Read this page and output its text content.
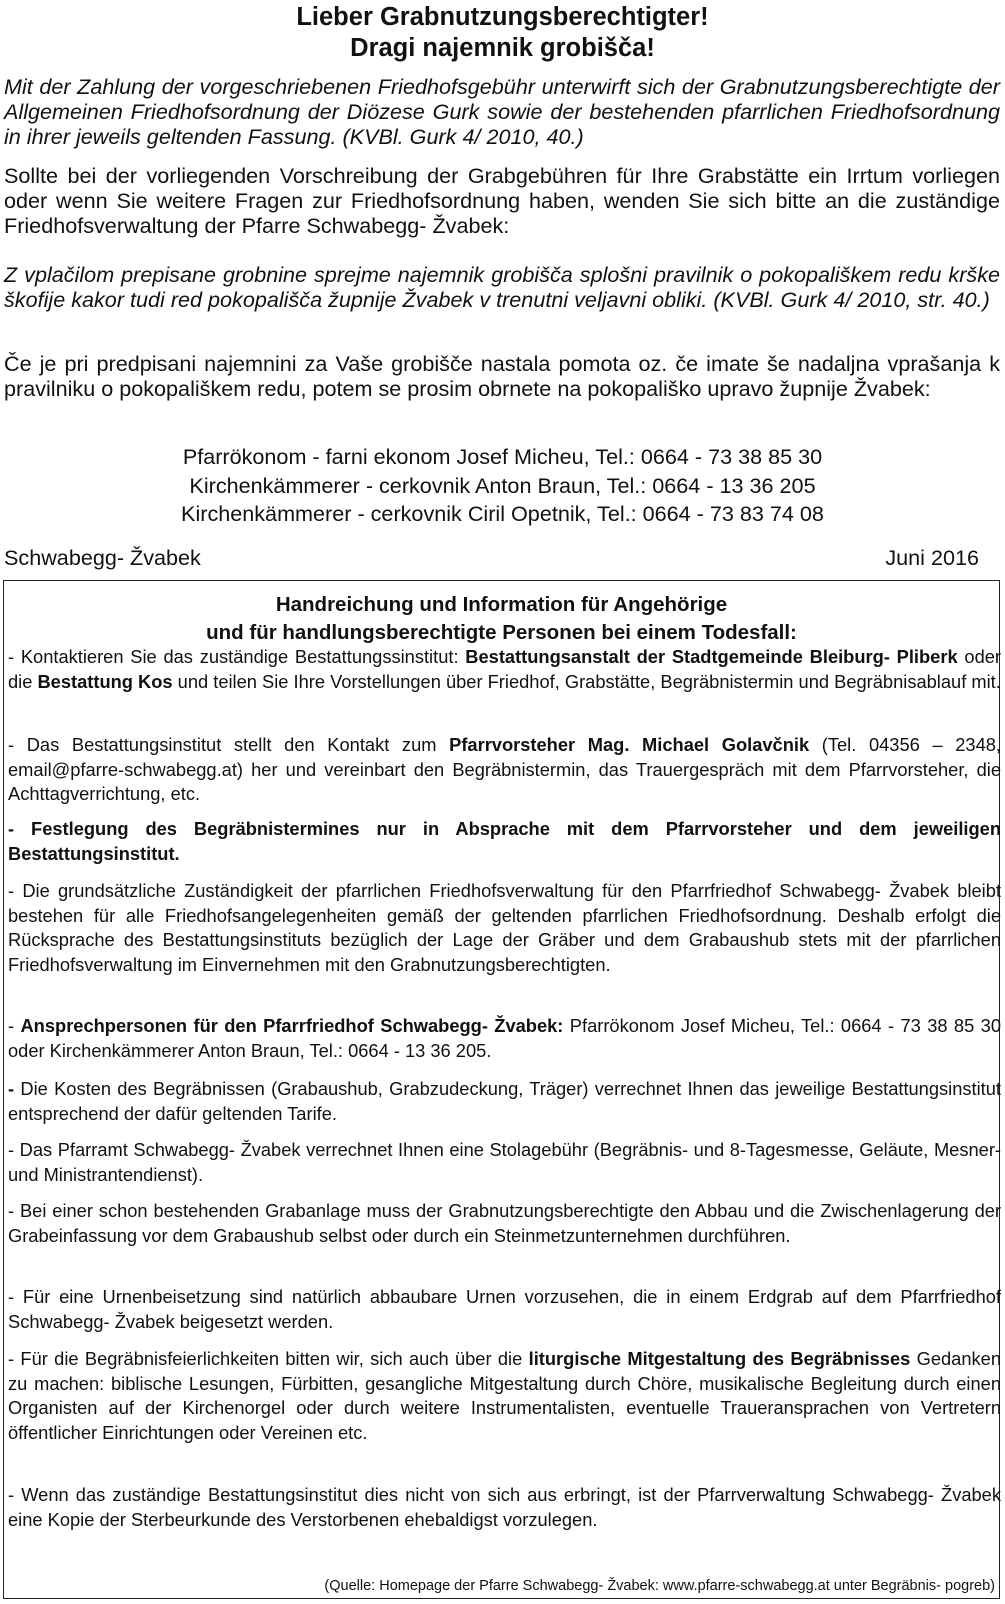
Lieber Grabnutzungsberechtigter!
Dragi najemnik grobišča!

Mit der Zahlung der vorgeschriebenen Friedhofsgebühr unterwirft sich der Grabnutzungsberechtigte der Allgemeinen Friedhofsordnung der Diözese Gurk sowie der bestehenden pfarrlichen Friedhofsordnung in ihrer jeweils geltenden Fassung. (KVBl. Gurk 4/ 2010, 40.)

Sollte bei der vorliegenden Vorschreibung der Grabgebühren für Ihre Grabstätte ein Irrtum vorliegen oder wenn Sie weitere Fragen zur Friedhofsordnung haben, wenden Sie sich bitte an die zuständige Friedhofsverwaltung der Pfarre Schwabegg- Žvabek:

Z vplačilom prepisane grobnine sprejme najemnik grobišča splošni pravilnik o pokopališkem redu krške škofije kakor tudi red pokopališča župnije Žvabek v trenutni veljavni obliki. (KVBl. Gurk 4/ 2010, str. 40.)

Če je pri predpisani najemnini za Vaše grobišče nastala pomota oz. če imate še nadaljna vprašanja k pravilniku o pokopališkem redu, potem se prosim obrnete na pokopališko upravo župnije Žvabek:

Pfarrökonom - farni ekonom Josef Micheu, Tel.: 0664 - 73 38 85 30
Kirchenkämmerer - cerkovnik Anton Braun, Tel.: 0664 - 13 36 205
Kirchenkämmerer - cerkovnik Ciril Opetnik, Tel.: 0664 - 73 83 74 08
Schwabegg- Žvabek	Juni 2016
Handreichung und Information für Angehörige
und für handlungsberechtigte Personen bei einem Todesfall:

- Kontaktieren Sie das zuständige Bestattungssinstitut: Bestattungsanstalt der Stadtgemeinde Bleiburg- Pliberk oder die Bestattung Kos und teilen Sie Ihre Vorstellungen über Friedhof, Grabstätte, Begräbnistermin und Begräbnisablauf mit.

- Das Bestattungsinstitut stellt den Kontakt zum Pfarrvorsteher Mag. Michael Golavčnik (Tel. 04356 – 2348, email@pfarre-schwabegg.at) her und vereinbart den Begräbnistermin, das Trauergespräch mit dem Pfarrvorsteher, die Achttagverrichtung, etc.

- Festlegung des Begräbnistermines nur in Absprache mit dem Pfarrvorsteher und dem jeweiligen Bestattungsinstitut.

- Die grundsätzliche Zuständigkeit der pfarrlichen Friedhofsverwaltung für den Pfarrfriedhof Schwabegg- Žvabek bleibt bestehen für alle Friedhofsangelegenheiten gemäß der geltenden pfarrlichen Friedhofsordnung. Deshalb erfolgt die Rücksprache des Bestattungsinstituts bezüglich der Lage der Gräber und dem Grabaushub stets mit der pfarrlichen Friedhofsverwaltung im Einvernehmen mit den Grabnutzungsberechtigten.

- Ansprechpersonen für den Pfarrfriedhof Schwabegg- Žvabek: Pfarrökonom Josef Micheu, Tel.: 0664 - 73 38 85 30 oder Kirchenkämmerer Anton Braun, Tel.: 0664 - 13 36 205.

- Die Kosten des Begräbnissen (Grabaushub, Grabzudeckung, Träger) verrechnet Ihnen das jeweilige Bestattungsinstitut entsprechend der dafür geltenden Tarife.

- Das Pfarramt Schwabegg- Žvabek verrechnet Ihnen eine Stolagebühr (Begräbnis- und 8-Tagesmesse, Geläute, Mesner- und Ministrantendienst).

- Bei einer schon bestehenden Grabanlage muss der Grabnutzungsberechtigte den Abbau und die Zwischenlagerung der Grabeinfassung vor dem Grabaushub selbst oder durch ein Steinmetzunternehmen durchführen.

- Für eine Urnenbeisetzung sind natürlich abbaubare Urnen vorzusehen, die in einem Erdgrab auf dem Pfarrfriedhof Schwabegg- Žvabek beigesetzt werden.

- Für die Begräbnisfeierlichkeiten bitten wir, sich auch über die liturgische Mitgestaltung des Begräbnisses Gedanken zu machen: biblische Lesungen, Fürbitten, gesangliche Mitgestaltung durch Chöre, musikalische Begleitung durch einen Organisten auf der Kirchenorgel oder durch weitere Instrumentalisten, eventuelle Traueransprachen von Vertretern öffentlicher Einrichtungen oder Vereinen etc.

- Wenn das zuständige Bestattungsinstitut dies nicht von sich aus erbringt, ist der Pfarrverwaltung Schwabegg- Žvabek eine Kopie der Sterbeurkunde des Verstorbenen ehebaldigst vorzulegen.

(Quelle: Homepage der Pfarre Schwabegg- Žvabek: www.pfarre-schwabegg.at unter Begräbnis- pogreb)
